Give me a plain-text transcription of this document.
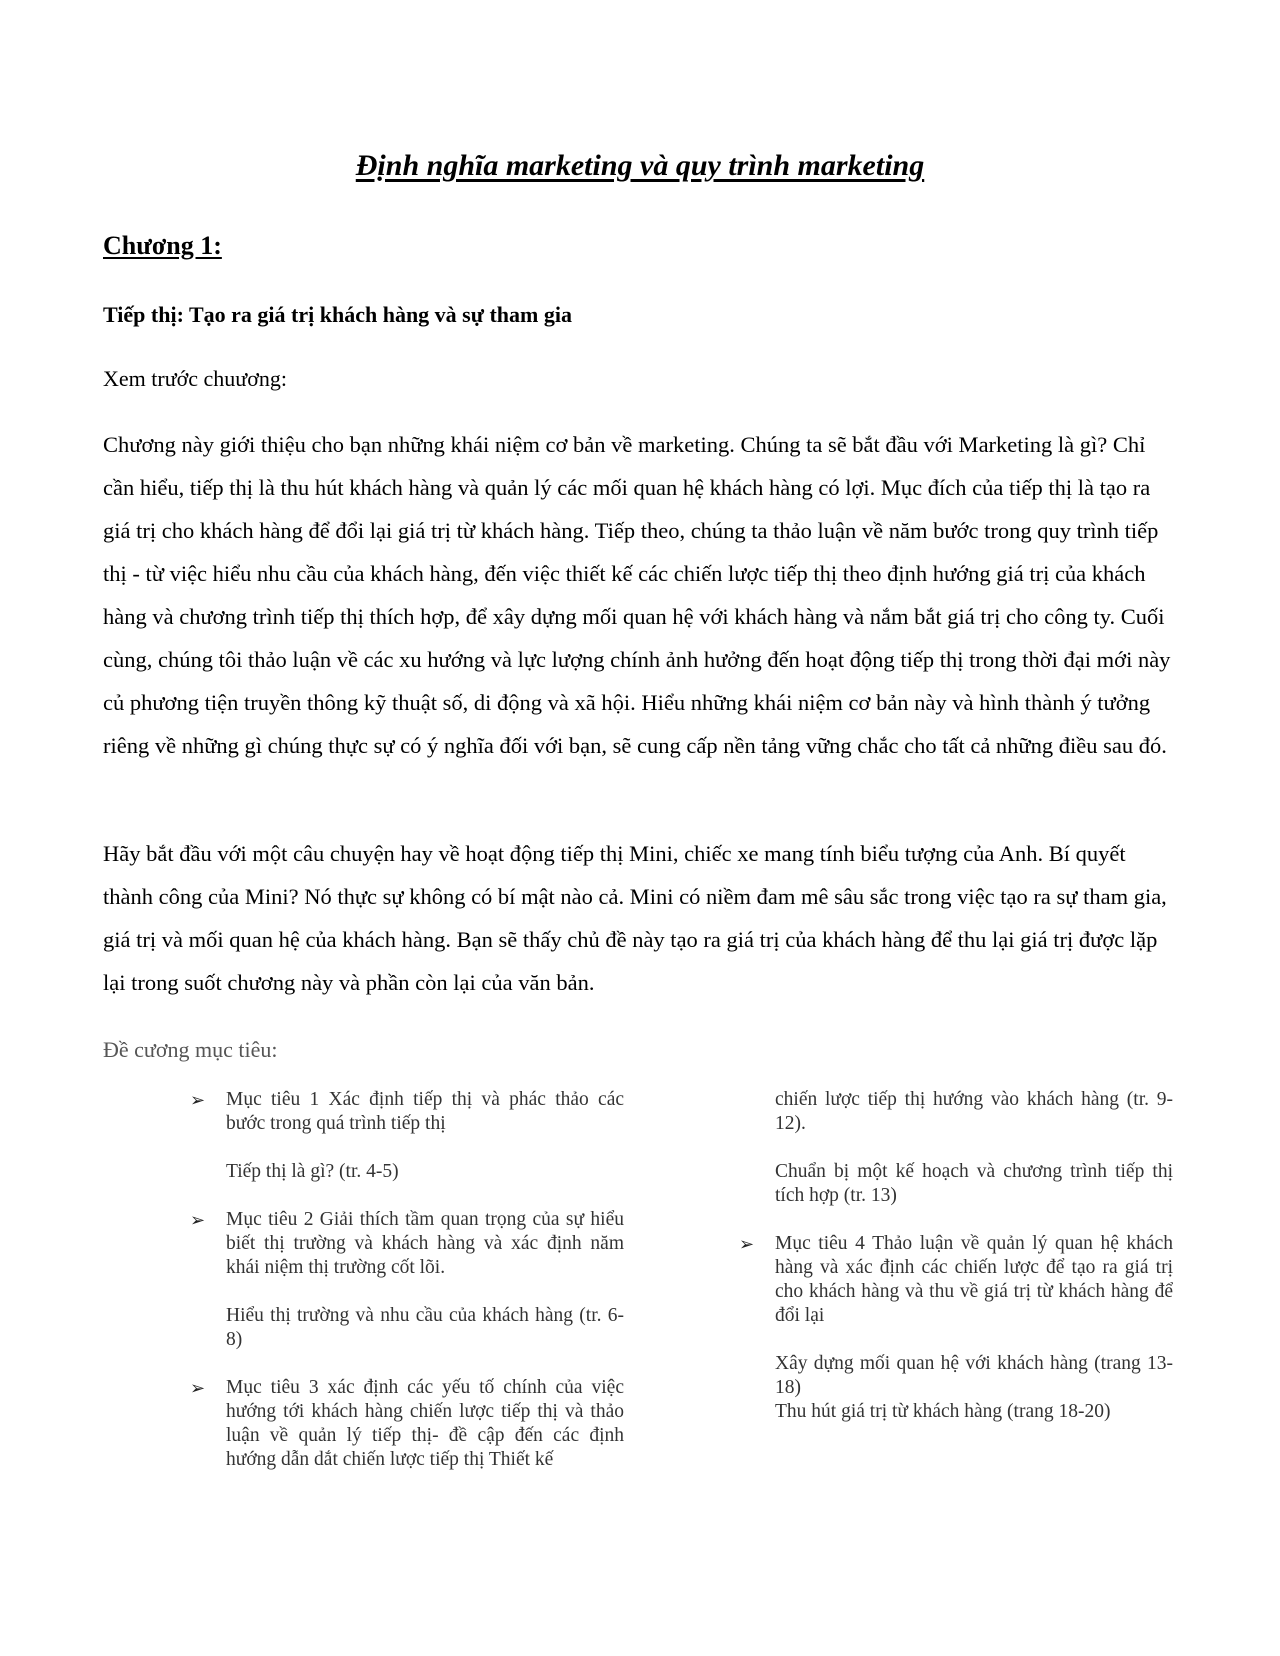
Định nghĩa marketing và quy trình marketing
Chương 1:
Tiếp thị: Tạo ra giá trị khách hàng và sự tham gia

Xem trước chuương:

Chương này giới thiệu cho bạn những khái niệm cơ bản về marketing. Chúng ta sẽ bắt đầu với Marketing là gì? Chỉ cần hiểu, tiếp thị là thu hút khách hàng và quản lý các mối quan hệ khách hàng có lợi. Mục đích của tiếp thị là tạo ra giá trị cho khách hàng để đổi lại giá trị từ khách hàng. Tiếp theo, chúng ta thảo luận về năm bước trong quy trình tiếp thị - từ việc hiểu nhu cầu của khách hàng, đến việc thiết kế các chiến lược tiếp thị theo định hướng giá trị của khách hàng và chương trình tiếp thị thích hợp, để xây dựng mối quan hệ với khách hàng và nắm bắt giá trị cho công ty. Cuối cùng, chúng tôi thảo luận về các xu hướng và lực lượng chính ảnh hưởng đến hoạt động tiếp thị trong thời đại mới này củ phương tiện truyền thông kỹ thuật số, di động và xã hội. Hiểu những khái niệm cơ bản này và hình thành ý tưởng riêng về những gì chúng thực sự có ý nghĩa đối với bạn, sẽ cung cấp nền tảng vững chắc cho tất cả những điều sau đó.

Hãy bắt đầu với một câu chuyện hay về hoạt động tiếp thị Mini, chiếc xe mang tính biểu tượng của Anh. Bí quyết thành công của Mini? Nó thực sự không có bí mật nào cả. Mini có niềm đam mê sâu sắc trong việc tạo ra sự tham gia, giá trị và mối quan hệ của khách hàng. Bạn sẽ thấy chủ đề này tạo ra giá trị của khách hàng để thu lại giá trị được lặp lại trong suốt chương này và phần còn lại của văn bản.

Đề cương mục tiêu:

➢ Mục tiêu 1 Xác định tiếp thị và phác thảo các bước trong quá trình tiếp thị
Tiếp thị là gì? (tr. 4-5)
➢ Mục tiêu 2 Giải thích tầm quan trọng của sự hiểu biết thị trường và khách hàng và xác định năm khái niệm thị trường cốt lõi.
Hiểu thị trường và nhu cầu của khách hàng (tr. 6-8)
➢ Mục tiêu 3 xác định các yếu tố chính của việc hướng tới khách hàng chiến lược tiếp thị và thảo luận về quản lý tiếp thị- đề cập đến các định hướng dẫn dắt chiến lược tiếp thị Thiết kế
chiến lược tiếp thị hướng vào khách hàng (tr. 9-12).
Chuẩn bị một kế hoạch và chương trình tiếp thị tích hợp (tr. 13)
➢ Mục tiêu 4 Thảo luận về quản lý quan hệ khách hàng và xác định các chiến lược để tạo ra giá trị cho khách hàng và thu về giá trị từ khách hàng để đổi lại
Xây dựng mối quan hệ với khách hàng (trang 13-18)
Thu hút giá trị từ khách hàng (trang 18-20)
